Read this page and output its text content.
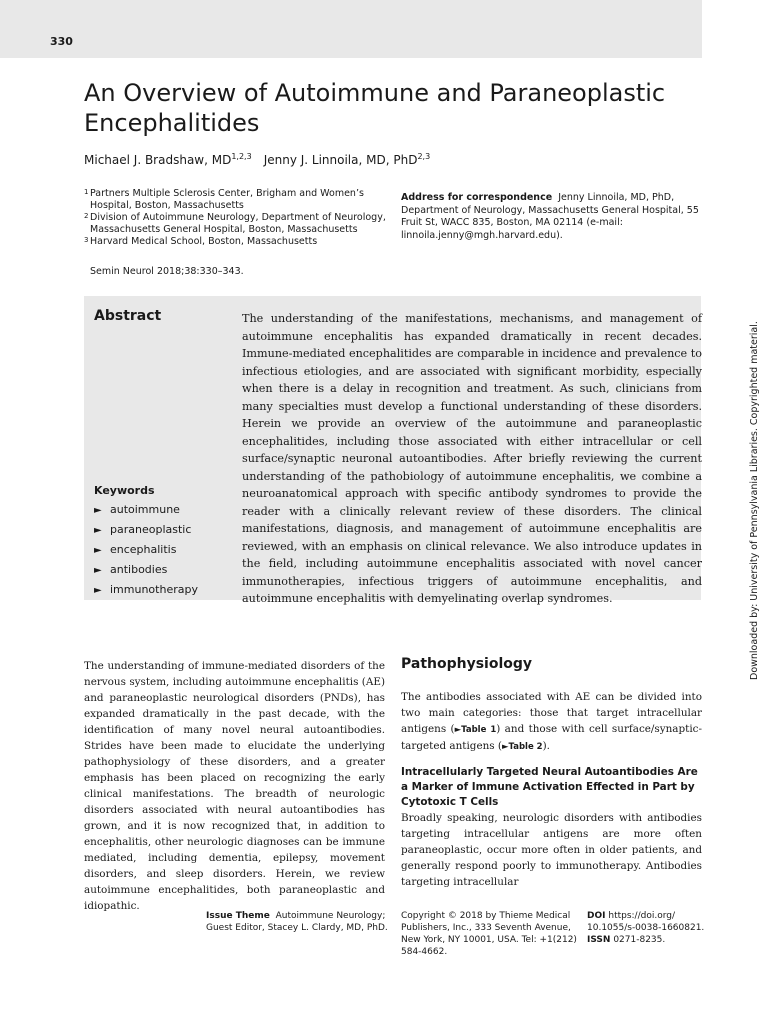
330
An Overview of Autoimmune and Paraneoplastic Encephalitides
Michael J. Bradshaw, MD$^{1,2,3}$ Jenny J. Linnoila, MD, PhD$^{2,3}$
1 Partners Multiple Sclerosis Center, Brigham and Women’s Hospital, Boston, Massachusetts
2 Division of Autoimmune Neurology, Department of Neurology, Massachusetts General Hospital, Boston, Massachusetts
3 Harvard Medical School, Boston, Massachusetts
Address for correspondence Jenny Linnoila, MD, PhD, Department of Neurology, Massachusetts General Hospital, 55 Fruit St, WACC 835, Boston, MA 02114 (e-mail: linnoila.jenny@mgh.harvard.edu).
Semin Neurol 2018;38:330–343.
Abstract	The understanding of the manifestations, mechanisms, and management of autoimmune encephalitis has expanded dramatically in recent decades. Immune-mediated encephalitides are comparable in incidence and prevalence to infectious etiologies, and are associated with significant morbidity, especially when there is a delay in recognition and treatment. As such, clinicians from many specialties must develop a functional understanding of these disorders. Herein we provide an overview of the autoimmune and paraneoplastic encephalitides, including those associated with either intracellular or cell surface/synaptic neuronal autoantibodies. After briefly reviewing the current understanding of the pathobiology of autoimmune encephalitis, we combine a neuroanatomical approach with specific antibody syndromes to provide the reader with a clinically relevant review of these disorders. The clinical manifestations, diagnosis, and management of autoimmune encephalitis are reviewed, with an emphasis on clinical relevance. We also introduce updates in the field, including autoimmune encephalitis associated with novel cancer immunotherapies, infectious triggers of autoimmune encephalitis, and autoimmune encephalitis with demyelinating overlap syndromes.

Keywords
► autoimmune
► paraneoplastic
► encephalitis
► antibodies
► immunotherapy	Downloaded by: University of Pennsylvania Libraries. Copyrighted material.

The understanding of immune-mediated disorders of the nervous system, including autoimmune encephalitis (AE) and paraneoplastic neurological disorders (PNDs), has expanded dramatically in the past decade, with the identification of many novel neural autoantibodies. Strides have been made to elucidate the underlying pathophysiology of these disorders, and a greater emphasis has been placed on recognizing the early clinical manifestations. The breadth of neurologic disorders associated with neural autoantibodies has grown, and it is now recognized that, in addition to encephalitis, other neurologic diagnoses can be immune mediated, including dementia, epilepsy, movement disorders, and sleep disorders. Herein, we review autoimmune encephalitides, both paraneoplastic and idiopathic.

Pathophysiology

The antibodies associated with AE can be divided into two main categories: those that target intracellular antigens (►Table 1) and those with cell surface/synaptic-targeted antigens (►Table 2).

Intracellularly Targeted Neural Autoantibodies Are a Marker of Immune Activation Effected in Part by Cytotoxic T Cells

Broadly speaking, neurologic disorders with antibodies targeting intracellular antigens are more often paraneoplastic, occur more often in older patients, and generally respond poorly to immunotherapy. Antibodies targeting intracellular

Issue Theme Autoimmune Neurology; Guest Editor, Stacey L. Clardy, MD, PhD.
Copyright © 2018 by Thieme Medical Publishers, Inc., 333 Seventh Avenue, New York, NY 10001, USA. Tel: +1(212) 584-4662.
DOI https://doi.org/ 10.1055/s-0038-1660821.
ISSN 0271-8235.
